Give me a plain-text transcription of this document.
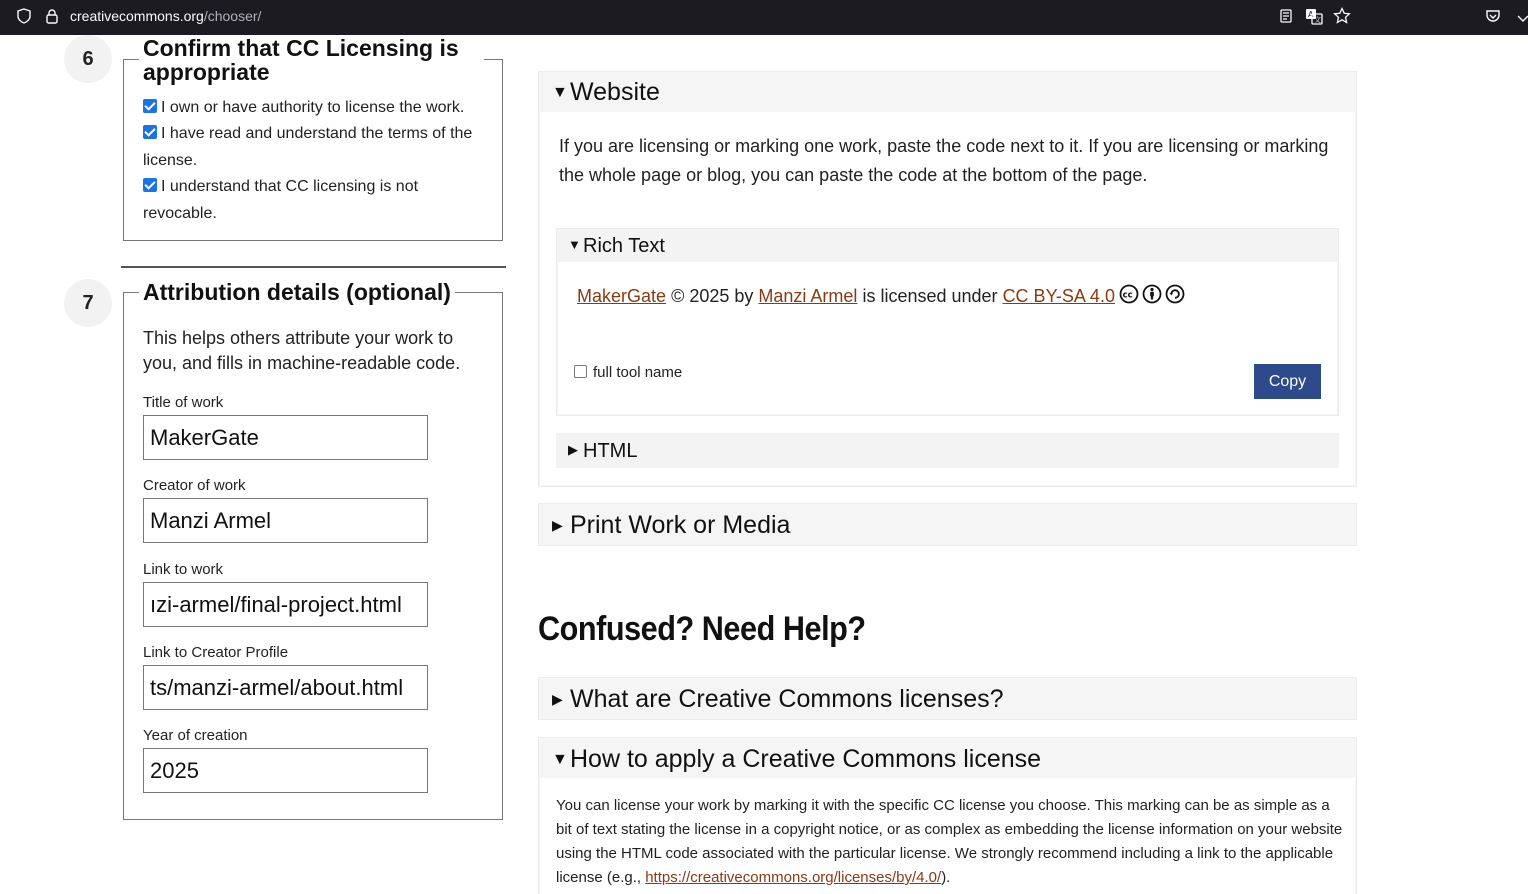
creativecommons.org/chooser/	A
文
6	Confirm that CC Licensing is appropriate
I own or have authority to license the work.
I have read and understand the terms of the
license.
I understand that CC licensing is not
revocable.
7	Attribution details (optional)
This helps others attribute your work to you, and fills in machine-readable code.
Title of work
MakerGate
Creator of work
Manzi Armel
Link to work
ızi-armel/final-project.html
Link to Creator Profile
ts/manzi-armel/about.html
Year of creation
2025
▼Website
If you are licensing or marking one work, paste the code next to it. If you are licensing or marking the whole page or blog, you can paste the code at the bottom of the page.
▼ Rich Text
MakerGate © 2025 by Manzi Armel is licensed under CC BY-SA 4.0 cc
full tool name	Copy
▶ HTML
▶ Print Work or Media
Confused? Need Help?
▶ What are Creative Commons licenses?
▼How to apply a Creative Commons license
You can license your work by marking it with the specific CC license you choose. This marking can be as simple as a bit of text stating the license in a copyright notice, or as complex as embedding the license information on your website using the HTML code associated with the particular license. We strongly recommend including a link to the applicable license (e.g., https://creativecommons.org/licenses/by/4.0/).
